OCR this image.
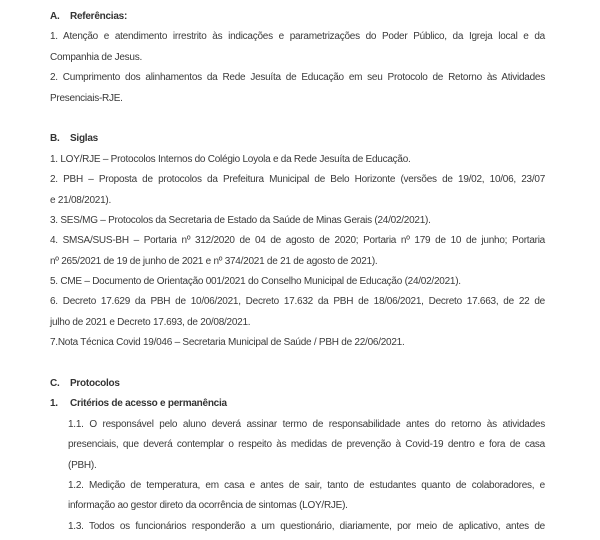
A. Referências:
1. Atenção e atendimento irrestrito às indicações e parametrizações do Poder Público, da Igreja local e da
Companhia de Jesus.
2. Cumprimento dos alinhamentos da Rede Jesuíta de Educação em seu Protocolo de Retorno às Atividades
Presenciais-RJE.
B. Siglas
1. LOY/RJE – Protocolos Internos do Colégio Loyola e da Rede Jesuíta de Educação.
2. PBH – Proposta de protocolos da Prefeitura Municipal de Belo Horizonte (versões de 19/02, 10/06, 23/07
e 21/08/2021).
3. SES/MG – Protocolos da Secretaria de Estado da Saúde de Minas Gerais (24/02/2021).
4. SMSA/SUS-BH – Portaria nº 312/2020 de 04 de agosto de 2020; Portaria nº 179 de 10 de junho; Portaria
nº 265/2021 de 19 de junho de 2021 e nº 374/2021 de 21 de agosto de 2021).
5. CME – Documento de Orientação 001/2021 do Conselho Municipal de Educação (24/02/2021).
6. Decreto 17.629 da PBH de 10/06/2021, Decreto 17.632 da PBH de 18/06/2021, Decreto 17.663, de 22 de
julho de 2021 e Decreto 17.693, de 20/08/2021.
7.Nota Técnica Covid 19/046 – Secretaria Municipal de Saúde / PBH de 22/06/2021.
C. Protocolos
1. Critérios de acesso e permanência
1.1. O responsável pelo aluno deverá assinar termo de responsabilidade antes do retorno às atividades
presenciais, que deverá contemplar o respeito às medidas de prevenção à Covid-19 dentro e fora de casa
(PBH).
1.2. Medição de temperatura, em casa e antes de sair, tanto de estudantes quanto de colaboradores, e
informação ao gestor direto da ocorrência de sintomas (LOY/RJE).
1.3. Todos os funcionários responderão a um questionário, diariamente, por meio de aplicativo, antes de
